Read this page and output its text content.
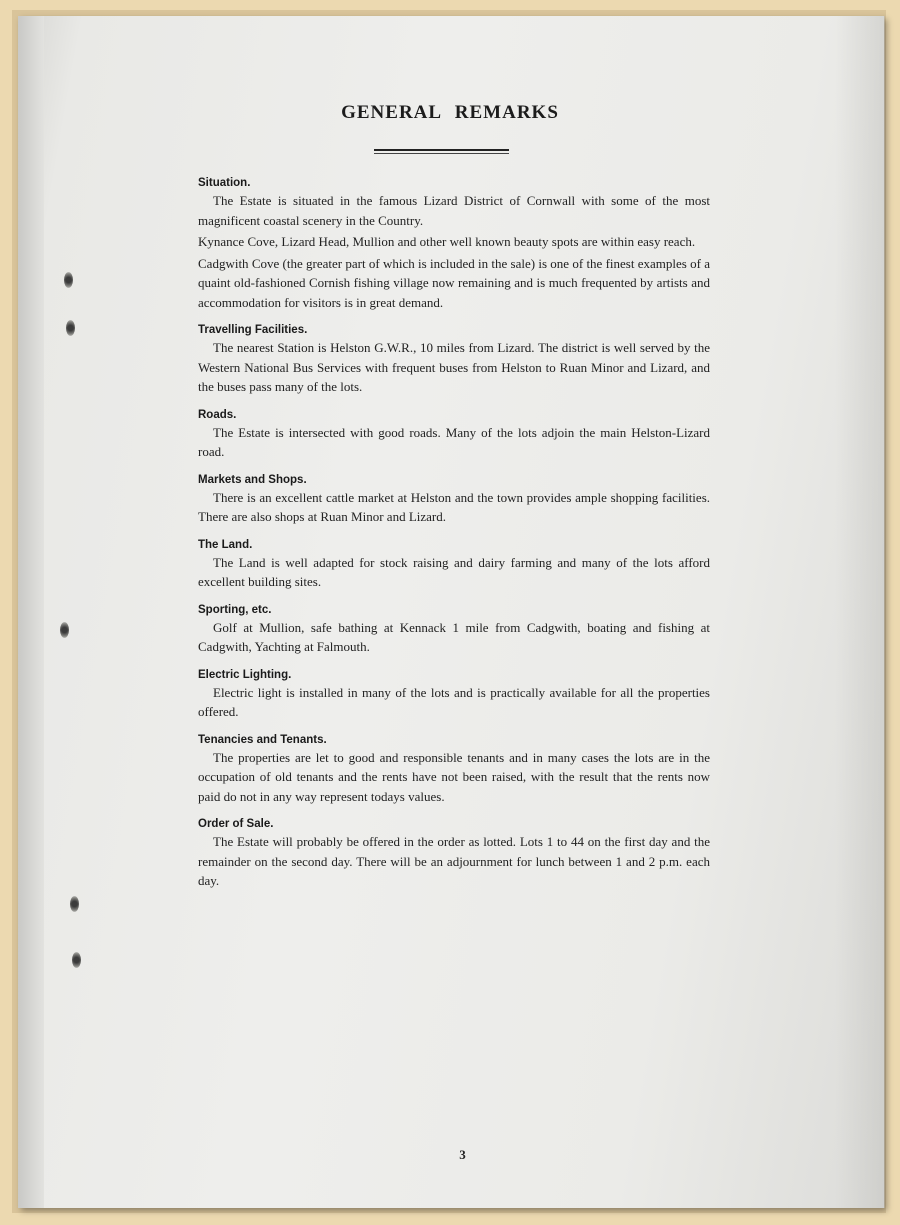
GENERAL REMARKS
Situation.

The Estate is situated in the famous Lizard District of Cornwall with some of the most magnificent coastal scenery in the Country.

Kynance Cove, Lizard Head, Mullion and other well known beauty spots are within easy reach.

Cadgwith Cove (the greater part of which is included in the sale) is one of the finest examples of a quaint old-fashioned Cornish fishing village now remaining and is much frequented by artists and accommodation for visitors is in great demand.

Travelling Facilities.

The nearest Station is Helston G.W.R., 10 miles from Lizard. The district is well served by the Western National Bus Services with frequent buses from Helston to Ruan Minor and Lizard, and the buses pass many of the lots.

Roads.

The Estate is intersected with good roads. Many of the lots adjoin the main Helston-Lizard road.

Markets and Shops.

There is an excellent cattle market at Helston and the town provides ample shopping facilities. There are also shops at Ruan Minor and Lizard.

The Land.

The Land is well adapted for stock raising and dairy farming and many of the lots afford excellent building sites.

Sporting, etc.

Golf at Mullion, safe bathing at Kennack 1 mile from Cadgwith, boating and fishing at Cadgwith, Yachting at Falmouth.

Electric Lighting.

Electric light is installed in many of the lots and is practically available for all the properties offered.

Tenancies and Tenants.

The properties are let to good and responsible tenants and in many cases the lots are in the occupation of old tenants and the rents have not been raised, with the result that the rents now paid do not in any way represent todays values.

Order of Sale.

The Estate will probably be offered in the order as lotted. Lots 1 to 44 on the first day and the remainder on the second day. There will be an adjournment for lunch between 1 and 2 p.m. each day.

3
